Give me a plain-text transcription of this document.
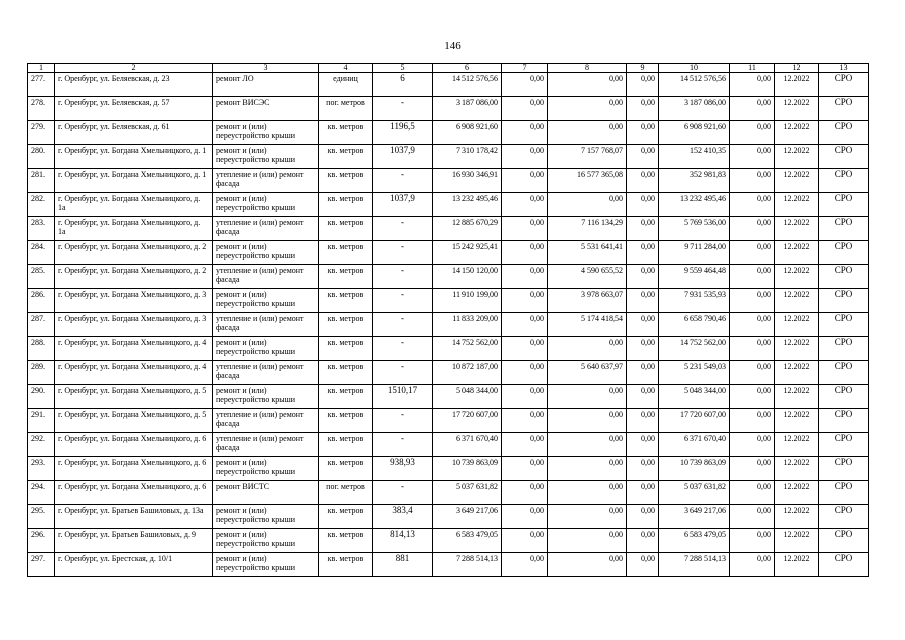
146
1	2	3	4	5	6	7	8	9	10	11	12	13
277.	г. Оренбург, ул. Беляевская, д. 23	ремонт ЛО	единиц	6	14 512 576,56	0,00	0,00	0,00	14 512 576,56	0,00	12.2022	СРО
278.	г. Оренбург, ул. Беляевская, д. 57	ремонт ВИСЭС	пог. метров	-	3 187 086,00	0,00	0,00	0,00	3 187 086,00	0,00	12.2022	СРО
279.	г. Оренбург, ул. Беляевская, д. 61	ремонт и (или) переустройство крыши	кв. метров	1196,5	6 908 921,60	0,00	0,00	0,00	6 908 921,60	0,00	12.2022	СРО
280.	г. Оренбург, ул. Богдана Хмельницкого, д. 1	ремонт и (или) переустройство крыши	кв. метров	1037,9	7 310 178,42	0,00	7 157 768,07	0,00	152 410,35	0,00	12.2022	СРО
281.	г. Оренбург, ул. Богдана Хмельницкого, д. 1	утепление и (или) ремонт фасада	кв. метров	-	16 930 346,91	0,00	16 577 365,08	0,00	352 981,83	0,00	12.2022	СРО
282.	г. Оренбург, ул. Богдана Хмельницкого, д. 1а	ремонт и (или) переустройство крыши	кв. метров	1037,9	13 232 495,46	0,00	0,00	0,00	13 232 495,46	0,00	12.2022	СРО
283.	г. Оренбург, ул. Богдана Хмельницкого, д. 1а	утепление и (или) ремонт фасада	кв. метров	-	12 885 670,29	0,00	7 116 134,29	0,00	5 769 536,00	0,00	12.2022	СРО
284.	г. Оренбург, ул. Богдана Хмельницкого, д. 2	ремонт и (или) переустройство крыши	кв. метров	-	15 242 925,41	0,00	5 531 641,41	0,00	9 711 284,00	0,00	12.2022	СРО
285.	г. Оренбург, ул. Богдана Хмельницкого, д. 2	утепление и (или) ремонт фасада	кв. метров	-	14 150 120,00	0,00	4 590 655,52	0,00	9 559 464,48	0,00	12.2022	СРО
286.	г. Оренбург, ул. Богдана Хмельницкого, д. 3	ремонт и (или) переустройство крыши	кв. метров	-	11 910 199,00	0,00	3 978 663,07	0,00	7 931 535,93	0,00	12.2022	СРО
287.	г. Оренбург, ул. Богдана Хмельницкого, д. 3	утепление и (или) ремонт фасада	кв. метров	-	11 833 209,00	0,00	5 174 418,54	0,00	6 658 790,46	0,00	12.2022	СРО
288.	г. Оренбург, ул. Богдана Хмельницкого, д. 4	ремонт и (или) переустройство крыши	кв. метров	-	14 752 562,00	0,00	0,00	0,00	14 752 562,00	0,00	12.2022	СРО
289.	г. Оренбург, ул. Богдана Хмельницкого, д. 4	утепление и (или) ремонт фасада	кв. метров	-	10 872 187,00	0,00	5 640 637,97	0,00	5 231 549,03	0,00	12.2022	СРО
290.	г. Оренбург, ул. Богдана Хмельницкого, д. 5	ремонт и (или) переустройство крыши	кв. метров	1510,17	5 048 344,00	0,00	0,00	0,00	5 048 344,00	0,00	12.2022	СРО
291.	г. Оренбург, ул. Богдана Хмельницкого, д. 5	утепление и (или) ремонт фасада	кв. метров	-	17 720 607,00	0,00	0,00	0,00	17 720 607,00	0,00	12.2022	СРО
292.	г. Оренбург, ул. Богдана Хмельницкого, д. 6	утепление и (или) ремонт фасада	кв. метров	-	6 371 670,40	0,00	0,00	0,00	6 371 670,40	0,00	12.2022	СРО
293.	г. Оренбург, ул. Богдана Хмельницкого, д. 6	ремонт и (или) переустройство крыши	кв. метров	938,93	10 739 863,09	0,00	0,00	0,00	10 739 863,09	0,00	12.2022	СРО
294.	г. Оренбург, ул. Богдана Хмельницкого, д. 6	ремонт ВИСТС	пог. метров	-	5 037 631,82	0,00	0,00	0,00	5 037 631,82	0,00	12.2022	СРО
295.	г. Оренбург, ул. Братьев Башиловых, д. 13а	ремонт и (или) переустройство крыши	кв. метров	383,4	3 649 217,06	0,00	0,00	0,00	3 649 217,06	0,00	12.2022	СРО
296.	г. Оренбург, ул. Братьев Башиловых, д. 9	ремонт и (или) переустройство крыши	кв. метров	814,13	6 583 479,05	0,00	0,00	0,00	6 583 479,05	0,00	12.2022	СРО
297.	г. Оренбург, ул. Брестская, д. 10/1	ремонт и (или) переустройство крыши	кв. метров	881	7 288 514,13	0,00	0,00	0,00	7 288 514,13	0,00	12.2022	СРО
